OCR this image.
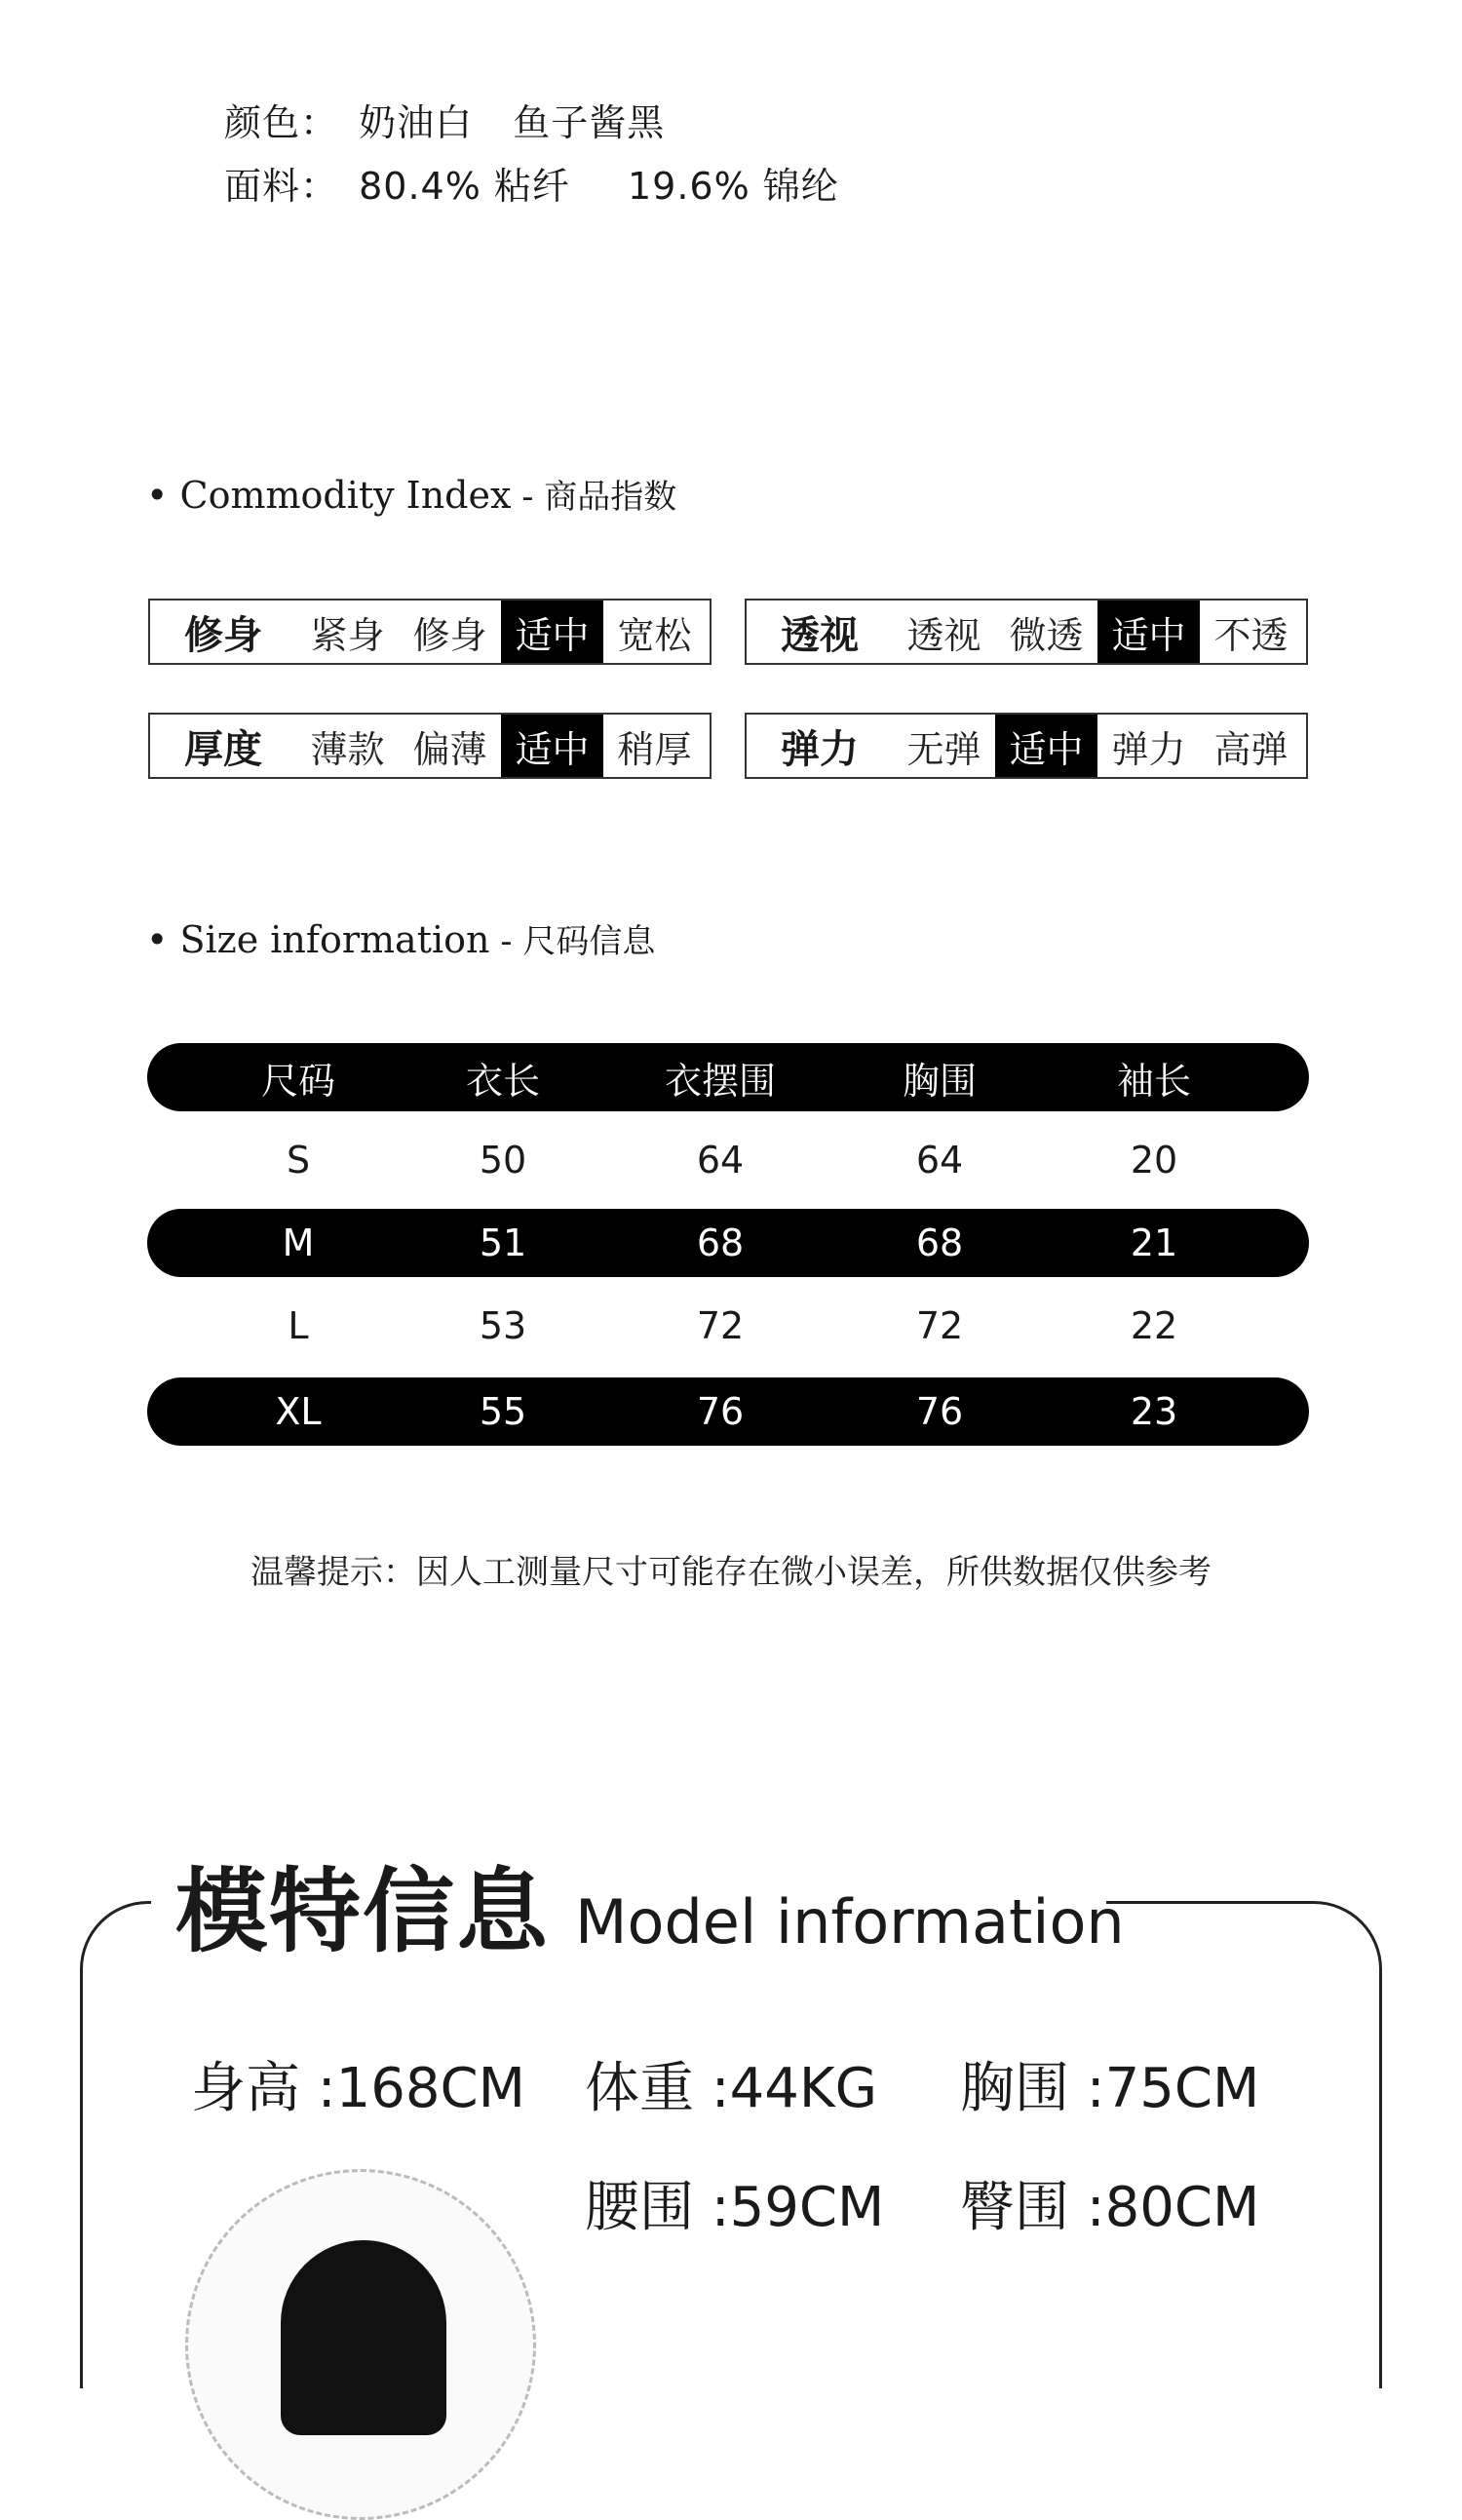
颜色： 奶油白 鱼子酱黑
面料： 80.4% 粘纤 19.6% 锦纶
• Commodity Index - 商品指数
修身	紧身 修身 适中 宽松	透视	透视 微透 适中 不透
厚度	薄款 偏薄 适中 稍厚	弹力	无弹 适中 弹力 高弹
• Size information - 尺码信息
尺码	衣长	衣摆围	胸围	袖长
S	50	64	64	20
M	51	68	68	21
L	53	72	72	22
XL	55	76	76	23
温馨提示：因人工测量尺寸可能存在微小误差，所供数据仅供参考
模特信息 Model information
身高 :168CM 体重 :44KG 胸围 :75CM
腰围 :59CM 臀围 :80CM
